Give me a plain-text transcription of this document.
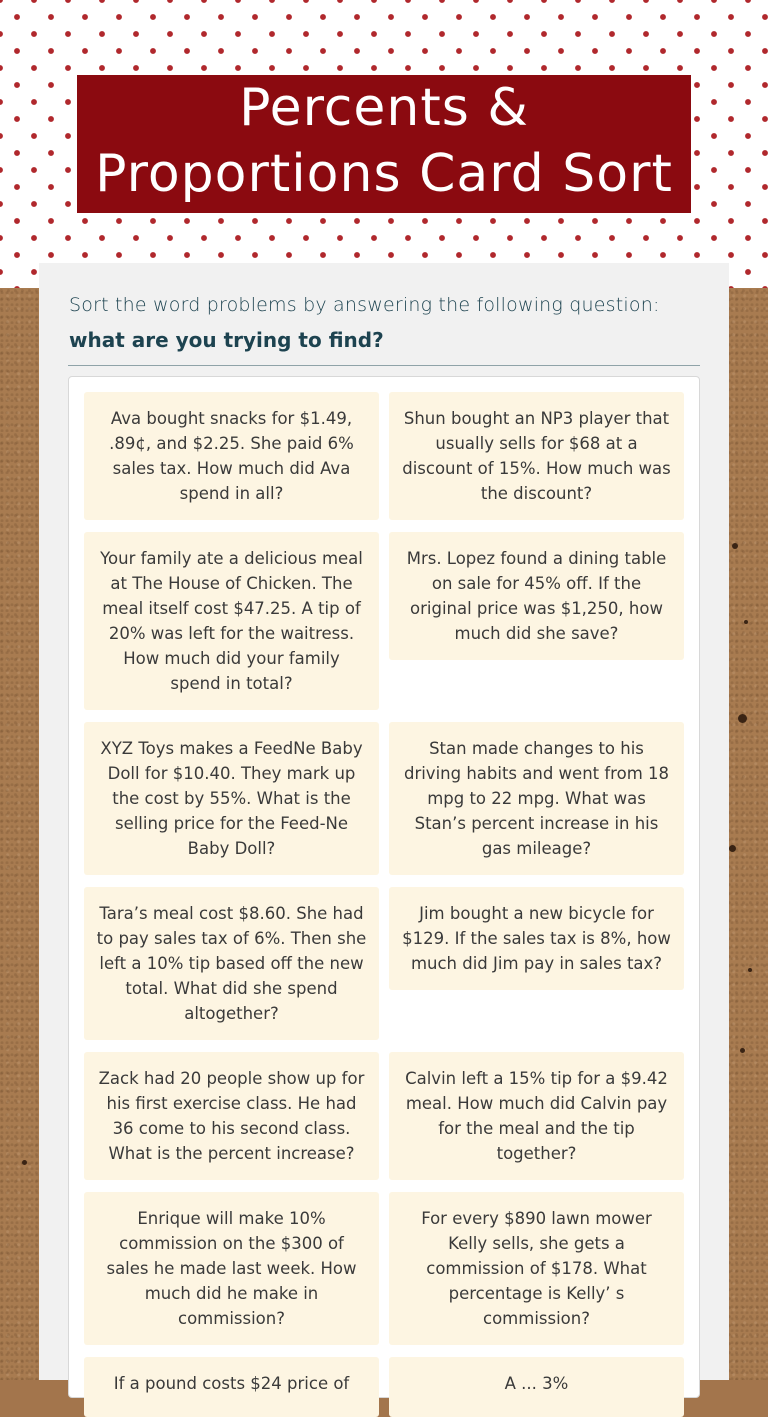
Percents &
Proportions Card Sort
Sort the word problems by answering the following question:
what are you trying to find?
Ava bought snacks for $1.49, .89¢, and $2.25. She paid 6% sales tax. How much did Ava spend in all?
Shun bought an NP3 player that usually sells for $68 at a discount of 15%. How much was the discount?
Your family ate a delicious meal at The House of Chicken. The meal itself cost $47.25. A tip of 20% was left for the waitress. How much did your family spend in total?
Mrs. Lopez found a dining table on sale for 45% off. If the original price was $1,250, how much did she save?
XYZ Toys makes a FeedNe Baby Doll for $10.40. They mark up the cost by 55%. What is the selling price for the Feed-Ne Baby Doll?
Stan made changes to his driving habits and went from 18 mpg to 22 mpg. What was Stan’s percent increase in his gas mileage?
Tara’s meal cost $8.60. She had to pay sales tax of 6%. Then she left a 10% tip based off the new total. What did she spend altogether?
Jim bought a new bicycle for $129. If the sales tax is 8%, how much did Jim pay in sales tax?
Zack had 20 people show up for his first exercise class. He had 36 come to his second class. What is the percent increase?
Calvin left a 15% tip for a $9.42 meal. How much did Calvin pay for the meal and the tip together?
Enrique will make 10% commission on the $300 of sales he made last week. How much did he make in commission?
For every $890 lawn mower Kelly sells, she gets a commission of $178. What percentage is Kelly’ s commission?
If a pound costs $24 price of	A ... 3%
